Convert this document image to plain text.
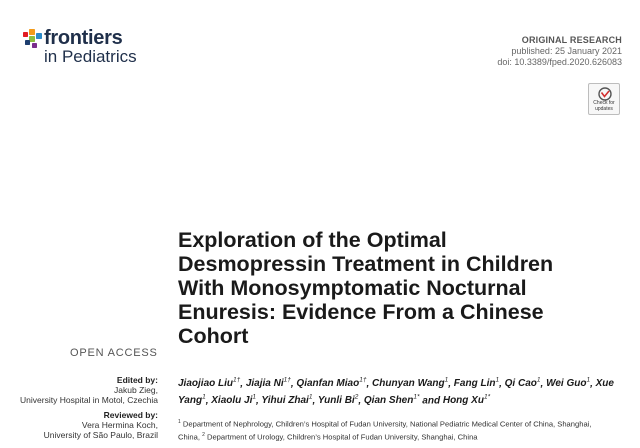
frontiers
in Pediatrics
ORIGINAL RESEARCH
published: 25 January 2021
doi: 10.3389/fped.2020.626083
Check for
updates
Exploration of the Optimal
Desmopressin Treatment in Children
With Monosymptomatic Nocturnal
Enuresis: Evidence From a Chinese
Cohort
OPEN ACCESS
Edited by:
Jakub Zieg,
University Hospital in Motol, Czechia
Reviewed by:
Vera Hermina Koch,
University of São Paulo, Brazil
Jiaojiao Liu$^{1\dagger}$, Jiajia $Ni^{1\dagger}$, Qianfan Miao$^{1\dagger}$, Chunyan Wang$^1$, Fang Lin$^1$, Qi Cao$^1$, Wei Guo$^1$, Xue Yang$^1$, Xiaolu Ji$^1$, Yihui Zhai$^1$, Yunli Bi$^2$, Qian Shen$^{1*}$ and Hong $Xu^{1*}$
$^1$ Department of Nephrology, Children’s Hospital of Fudan University, National Pediatric Medical Center of China, Shanghai,
China, $^2$ Department of Urology, Children’s Hospital of Fudan University, Shanghai, China
